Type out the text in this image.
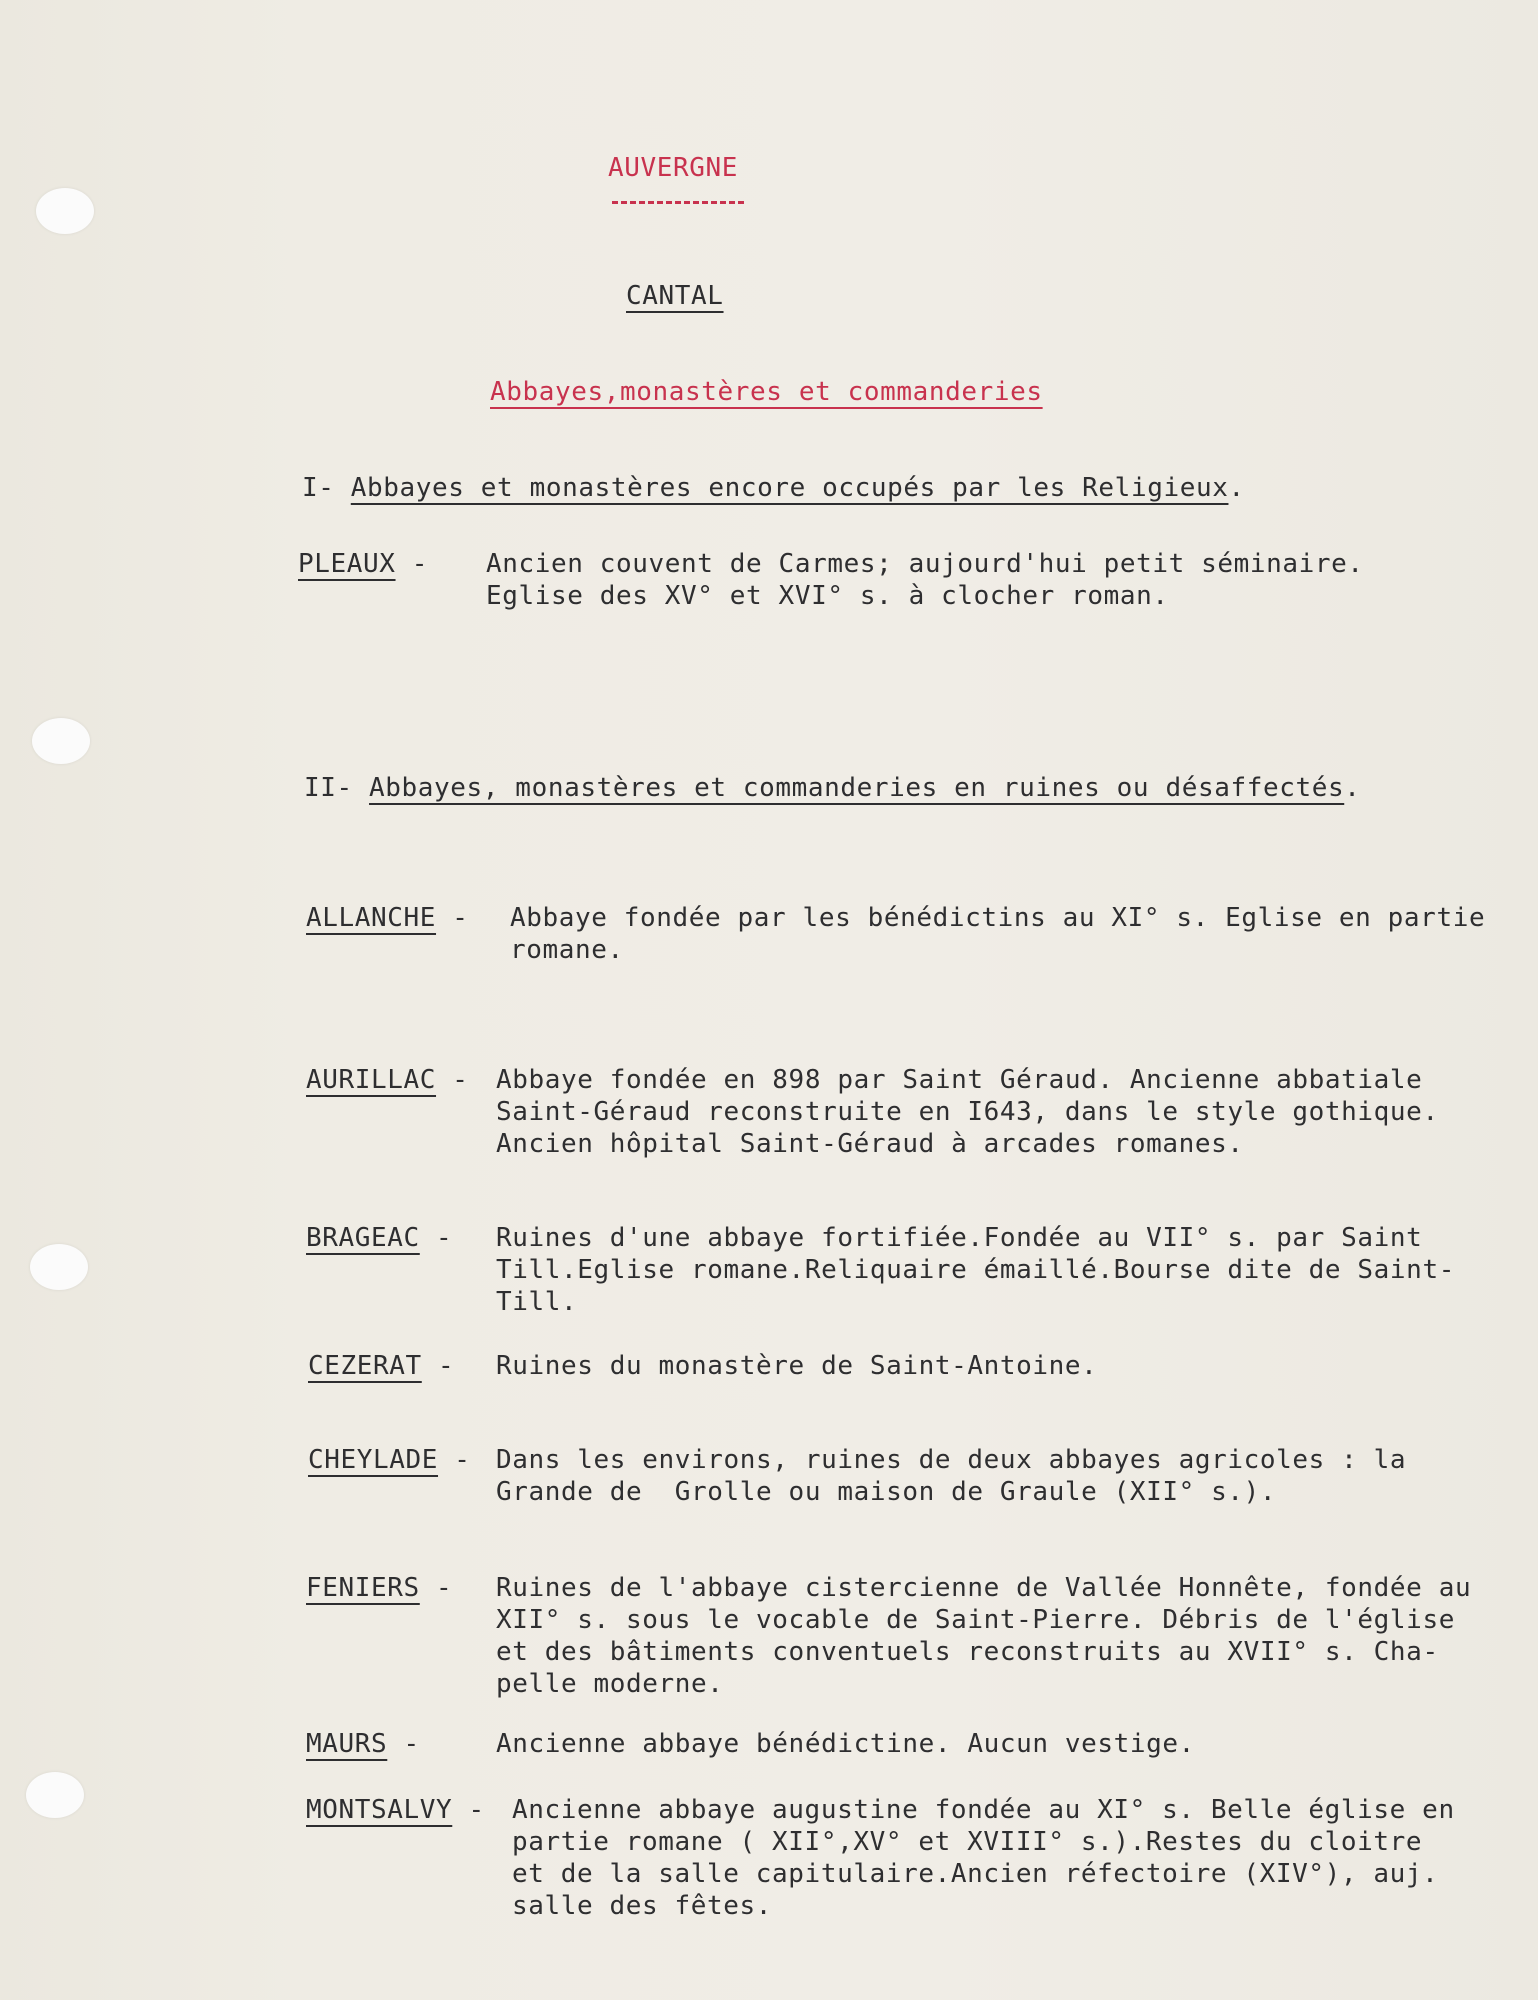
AUVERGNE
CANTAL
Abbayes,monastères et commanderies
I- Abbayes et monastères encore occupés par les Religieux.
PLEAUX - Ancien couvent de Carmes; aujourd'hui petit séminaire.
Eglise des XV° et XVI° s. à clocher roman.
II- Abbayes, monastères et commanderies en ruines ou désaffectés.
ALLANCHE - Abbaye fondée par les bénédictins au XI° s. Eglise en partie
romane.
AURILLAC - Abbaye fondée en 898 par Saint Géraud. Ancienne abbatiale
Saint-Géraud reconstruite en I643, dans le style gothique.
Ancien hôpital Saint-Géraud à arcades romanes.
BRAGEAC - Ruines d'une abbaye fortifiée.Fondée au VII° s. par Saint
Till.Eglise romane.Reliquaire émaillé.Bourse dite de Saint-
Till.
CEZERAT - Ruines du monastère de Saint-Antoine.
CHEYLADE - Dans les environs, ruines de deux abbayes agricoles : la
Grande de  Grolle ou maison de Graule (XII° s.).
FENIERS - Ruines de l'abbaye cistercienne de Vallée Honnête, fondée au
XII° s. sous le vocable de Saint-Pierre. Débris de l'église
et des bâtiments conventuels reconstruits au XVII° s. Cha-
pelle moderne.
MAURS -	Ancienne abbaye bénédictine. Aucun vestige.
MONTSALVY - Ancienne abbaye augustine fondée au XI° s. Belle église en
partie romane ( XII°,XV° et XVIII° s.).Restes du cloitre
et de la salle capitulaire.Ancien réfectoire (XIV°), auj.
salle des fêtes.
